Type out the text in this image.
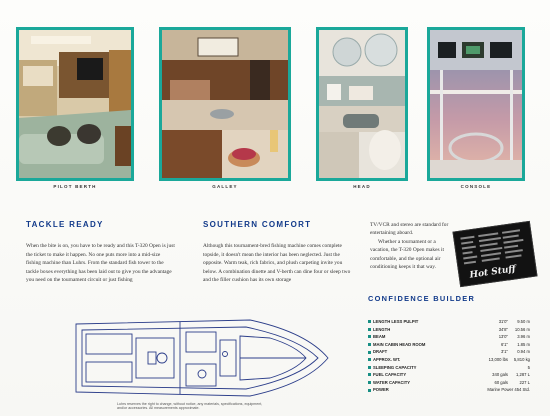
PILOT BERTH	GALLEY	HEAD	CONSOLE
TACKLE READY

When the bite is on, you have to be ready and this T-320 Open is just the ticket to make it happen. No one puts more into a mid-size fishing machine than Luhrs. From the standard fish tower to the tackle boxes everything has been laid out to give you the advantage you need on the tournament circuit or just fishing

SOUTHERN COMFORT

Although this tournament-bred fishing machine comes complete topside, it doesn't mean the interior has been neglected. Just the opposite. Warm teak, rich fabrics, and plush carpeting invite you below. A combination dinette and V-berth can dine four or sleep two and the filler cushion has its own storage

TV/VCR and stereo are standard for entertaining aboard.

Whether a tournament or a vacation, the T-320 Open makes it comfortable, and the optional air conditioning keeps it that way.	Hot Stuff
CONFIDENCE BUILDER
LENGTH LESS PULPIT	31'0" 9.50 m
LENGTH	34'8" 10.56 m
BEAM	13'0" 3.96 m
MAIN CABIN HEAD ROOM	6'1" 1.85 m
DRAFT	3'1" 0.94 m
APPROX. WT.	13,000 lbs 5,810 kg
SLEEPING CAPACITY	5
FUEL CAPACITY	340 gals 1,287 L
WATER CAPACITY	60 gals	227 L
POWER	Marine Power 454 Std.
Luhrs reserves the right to change, without notice, any materials, specifications, equipment, and/or accessories. All measurements approximate.
